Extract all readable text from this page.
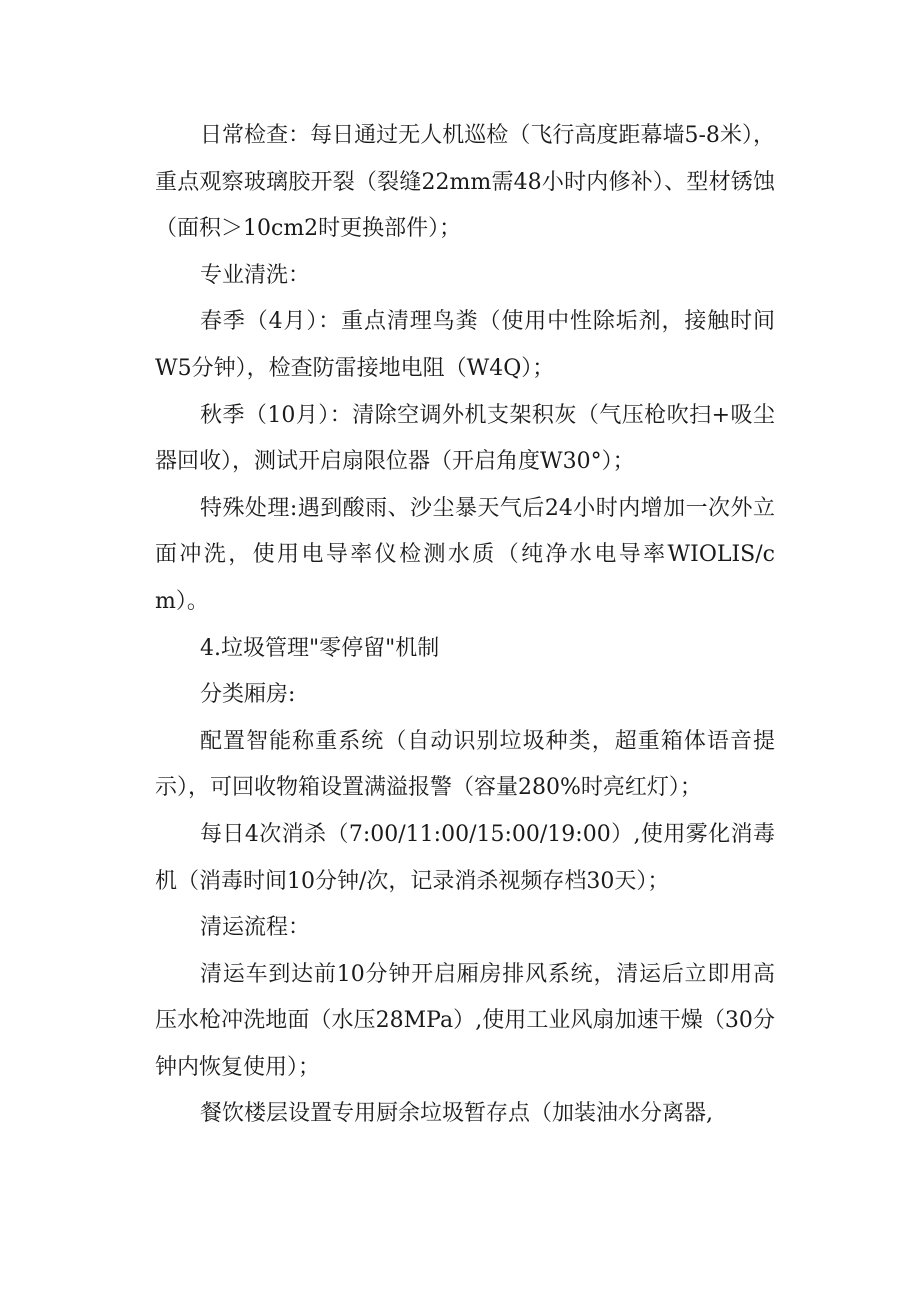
日常检查：每日通过无人机巡检（飞行高度距幕墙5-8米），重点观察玻璃胶开裂（裂缝22mm需48小时内修补）、型材锈蚀（面积＞10cm2时更换部件）；

专业清洗：

春季（4月）：重点清理鸟粪（使用中性除垢剂，接触时间W5分钟），检查防雷接地电阻（W4Q）；

秋季（10月）：清除空调外机支架积灰（气压枪吹扫+吸尘器回收），测试开启扇限位器（开启角度W30°）；

特殊处理:遇到酸雨、沙尘暴天气后24小时内增加一次外立面冲洗，使用电导率仪检测水质（纯净水电导率WIOLIS/cm）。

4.垃圾管理"零停留"机制

分类厢房:

配置智能称重系统（自动识别垃圾种类，超重箱体语音提示），可回收物箱设置满溢报警（容量280%时亮红灯）；

每日4次消杀（7:00/11:00/15:00/19:00）,使用雾化消毒机（消毒时间10分钟/次，记录消杀视频存档30天）；

清运流程：

清运车到达前10分钟开启厢房排风系统，清运后立即用高压水枪冲洗地面（水压28MPa）,使用工业风扇加速干燥（30分钟内恢复使用）；

餐饮楼层设置专用厨余垃圾暂存点（加装油水分离器,
